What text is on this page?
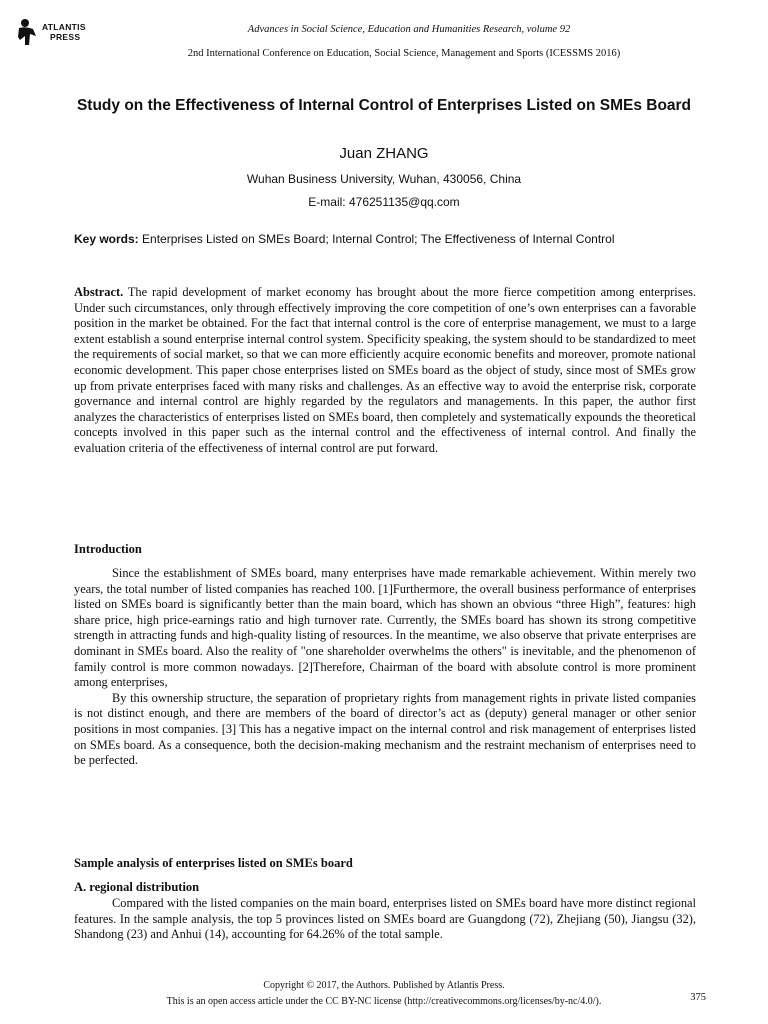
ATLANTIS
PRESS
Advances in Social Science, Education and Humanities Research, volume 92
2nd International Conference on Education, Social Science, Management and Sports (ICESSMS 2016)
Study on the Effectiveness of Internal Control of Enterprises Listed on SMEs Board
Juan ZHANG
Wuhan Business University, Wuhan, 430056, China
E-mail: 476251135@qq.com
Key words: Enterprises Listed on SMEs Board; Internal Control; The Effectiveness of Internal Control
Abstract. The rapid development of market economy has brought about the more fierce competition among enterprises. Under such circumstances, only through effectively improving the core competition of one’s own enterprises can a favorable position in the market be obtained. For the fact that internal control is the core of enterprise management, we must to a large extent establish a sound enterprise internal control system. Specificity speaking, the system should to be standardized to meet the requirements of social market, so that we can more efficiently acquire economic benefits and moreover, promote national economic development. This paper chose enterprises listed on SMEs board as the object of study, since most of SMEs grow up from private enterprises faced with many risks and challenges. As an effective way to avoid the enterprise risk, corporate governance and internal control are highly regarded by the regulators and managements. In this paper, the author first analyzes the characteristics of enterprises listed on SMEs board, then completely and systematically expounds the theoretical concepts involved in this paper such as the internal control and the effectiveness of internal control. And finally the evaluation criteria of the effectiveness of internal control are put forward.
Introduction

Since the establishment of SMEs board, many enterprises have made remarkable achievement. Within merely two years, the total number of listed companies has reached 100. [1]Furthermore, the overall business performance of enterprises listed on SMEs board is significantly better than the main board, which has shown an obvious “three High”, features: high share price, high price-earnings ratio and high turnover rate. Currently, the SMEs board has shown its strong competitive strength in attracting funds and high-quality listing of resources. In the meantime, we also observe that private enterprises are dominant in SMEs board. Also the reality of "one shareholder overwhelms the others" is inevitable, and the phenomenon of family control is more common nowadays. [2]Therefore, Chairman of the board with absolute control is more prominent among enterprises,

By this ownership structure, the separation of proprietary rights from management rights in private listed companies is not distinct enough, and there are members of the board of director’s act as (deputy) general manager or other senior positions in most companies. [3] This has a negative impact on the internal control and risk management of enterprises listed on SMEs board. As a consequence, both the decision-making mechanism and the restraint mechanism of enterprises need to be perfected.

Sample analysis of enterprises listed on SMEs board
A. regional distribution

Compared with the listed companies on the main board, enterprises listed on SMEs board have more distinct regional features. In the sample analysis, the top 5 provinces listed on SMEs board are Guangdong (72), Zhejiang (50), Jiangsu (32), Shandong (23) and Anhui (14), accounting for 64.26% of the total sample.

Copyright © 2017, the Authors. Published by Atlantis Press.
This is an open access article under the CC BY-NC license (http://creativecommons.org/licenses/by-nc/4.0/).	375
